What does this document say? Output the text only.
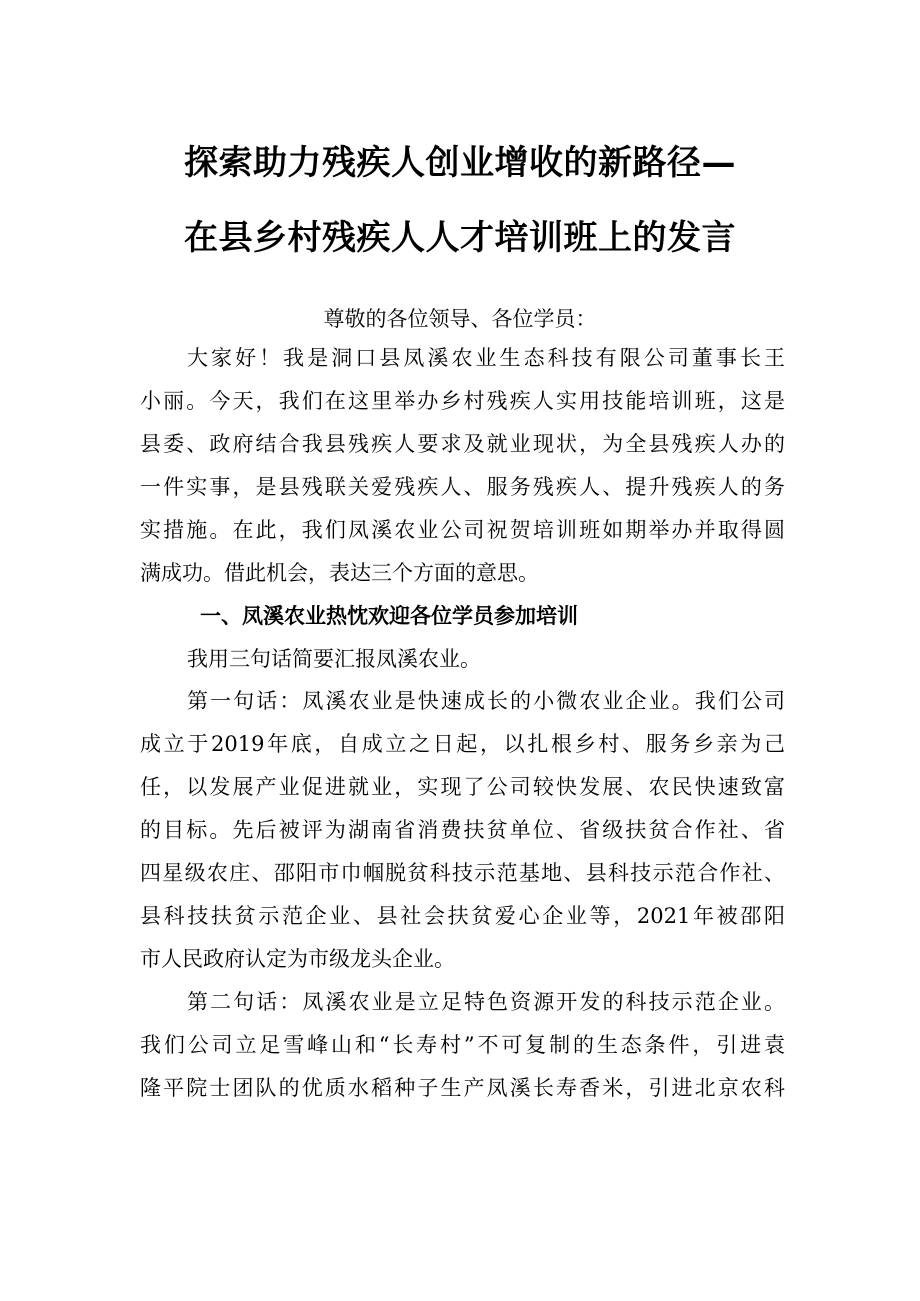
探索助力残疾人创业增收的新路径—
在县乡村残疾人人才培训班上的发言
尊敬的各位领导、各位学员：
大家好！我是洞口县凤溪农业生态科技有限公司董事长王
小丽。今天，我们在这里举办乡村残疾人实用技能培训班，这是
县委、政府结合我县残疾人要求及就业现状，为全县残疾人办的
一件实事，是县残联关爱残疾人、服务残疾人、提升残疾人的务
实措施。在此，我们凤溪农业公司祝贺培训班如期举办并取得圆
满成功。借此机会，表达三个方面的意思。
一、凤溪农业热忱欢迎各位学员参加培训
我用三句话简要汇报凤溪农业。
第一句话：凤溪农业是快速成长的小微农业企业。我们公司
成立于2019年底，自成立之日起，以扎根乡村、服务乡亲为己
任，以发展产业促进就业，实现了公司较快发展、农民快速致富
的目标。先后被评为湖南省消费扶贫单位、省级扶贫合作社、省
四星级农庄、邵阳市巾帼脱贫科技示范基地、县科技示范合作社、
县科技扶贫示范企业、县社会扶贫爱心企业等，2021年被邵阳
市人民政府认定为市级龙头企业。
第二句话：凤溪农业是立足特色资源开发的科技示范企业。
我们公司立足雪峰山和“长寿村”不可复制的生态条件，引进袁
隆平院士团队的优质水稻种子生产凤溪长寿香米，引进北京农科
